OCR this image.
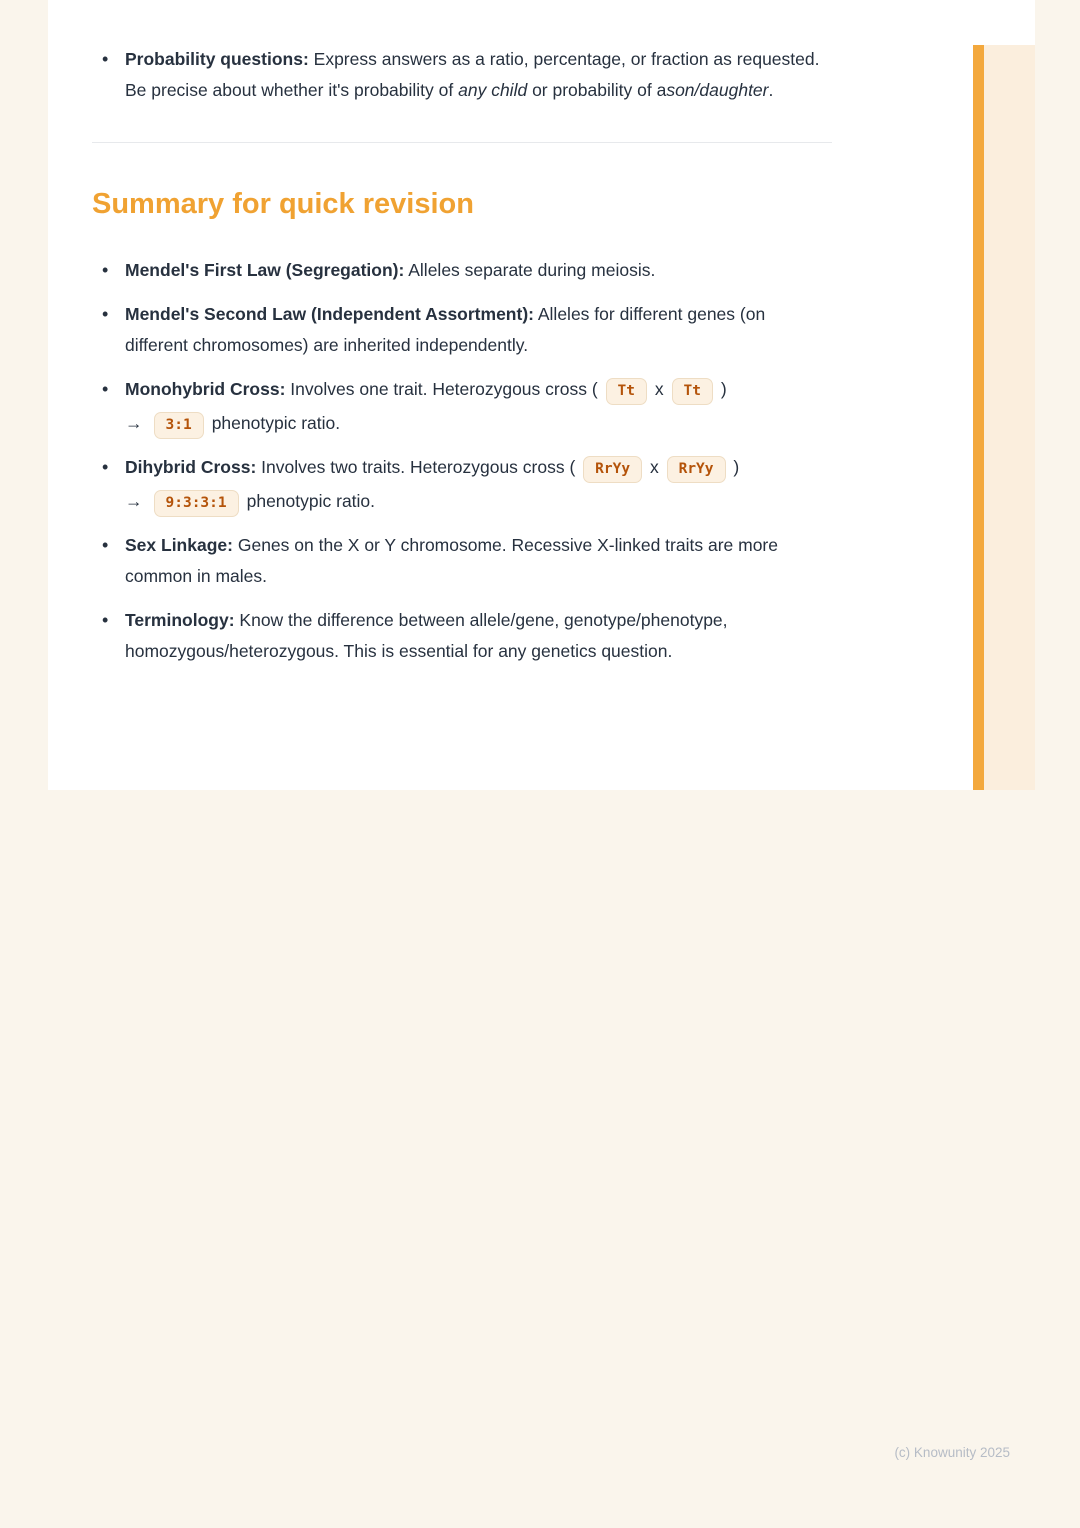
• Probability questions: Express answers as a ratio, percentage, or fraction as requested. Be precise about whether it's probability of any child or probability of ason/daughter.
Summary for quick revision
• Mendel's First Law (Segregation): Alleles separate during meiosis.
• Mendel's Second Law (Independent Assortment): Alleles for different genes (on different chromosomes) are inherited independently.
• Monohybrid Cross: Involves one trait. Heterozygous cross ( Tt x Tt )
→ 3:1 phenotypic ratio.
• Dihybrid Cross: Involves two traits. Heterozygous cross ( RrYy x RrYy )
→ 9:3:3:1 phenotypic ratio.
• Sex Linkage: Genes on the X or Y chromosome. Recessive X-linked traits are more common in males.
• Terminology: Know the difference between allele/gene, genotype/phenotype, homozygous/heterozygous. This is essential for any genetics question.
(c) Knowunity 2025
